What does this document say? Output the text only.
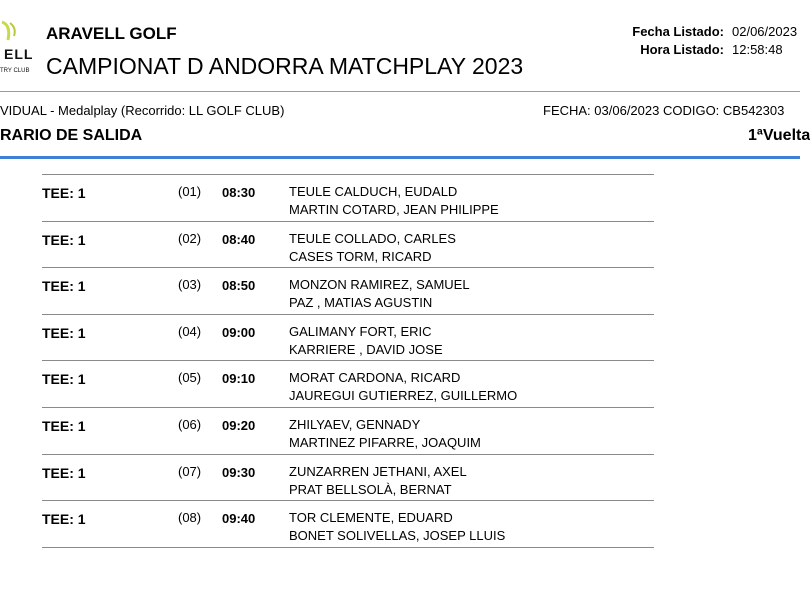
ELL
TRY CLUB
ARAVELL GOLF
CAMPIONAT D ANDORRA MATCHPLAY 2023
Fecha Listado: 02/06/2023
Hora Listado: 12:58:48
VIDUAL - Medalplay (Recorrido: LL GOLF CLUB)	FECHA: 03/06/2023 CODIGO: CB542303
RARIO DE SALIDA	1ªVuelta
TEE: 1	(01) 08:30	TEULE CALDUCH, EUDALD
MARTIN COTARD, JEAN PHILIPPE
TEE: 1	(02) 08:40	TEULE COLLADO, CARLES
CASES TORM, RICARD
TEE: 1	(03) 08:50	MONZON RAMIREZ, SAMUEL
PAZ , MATIAS AGUSTIN
TEE: 1	(04) 09:00	GALIMANY FORT, ERIC
KARRIERE , DAVID JOSE
TEE: 1	(05) 09:10	MORAT CARDONA, RICARD
JAUREGUI GUTIERREZ, GUILLERMO
TEE: 1	(06) 09:20	ZHILYAEV, GENNADY
MARTINEZ PIFARRE, JOAQUIM
TEE: 1	(07) 09:30	ZUNZARREN JETHANI, AXEL
PRAT BELLSOLÀ, BERNAT
TEE: 1	(08) 09:40	TOR CLEMENTE, EDUARD
BONET SOLIVELLAS, JOSEP LLUIS
